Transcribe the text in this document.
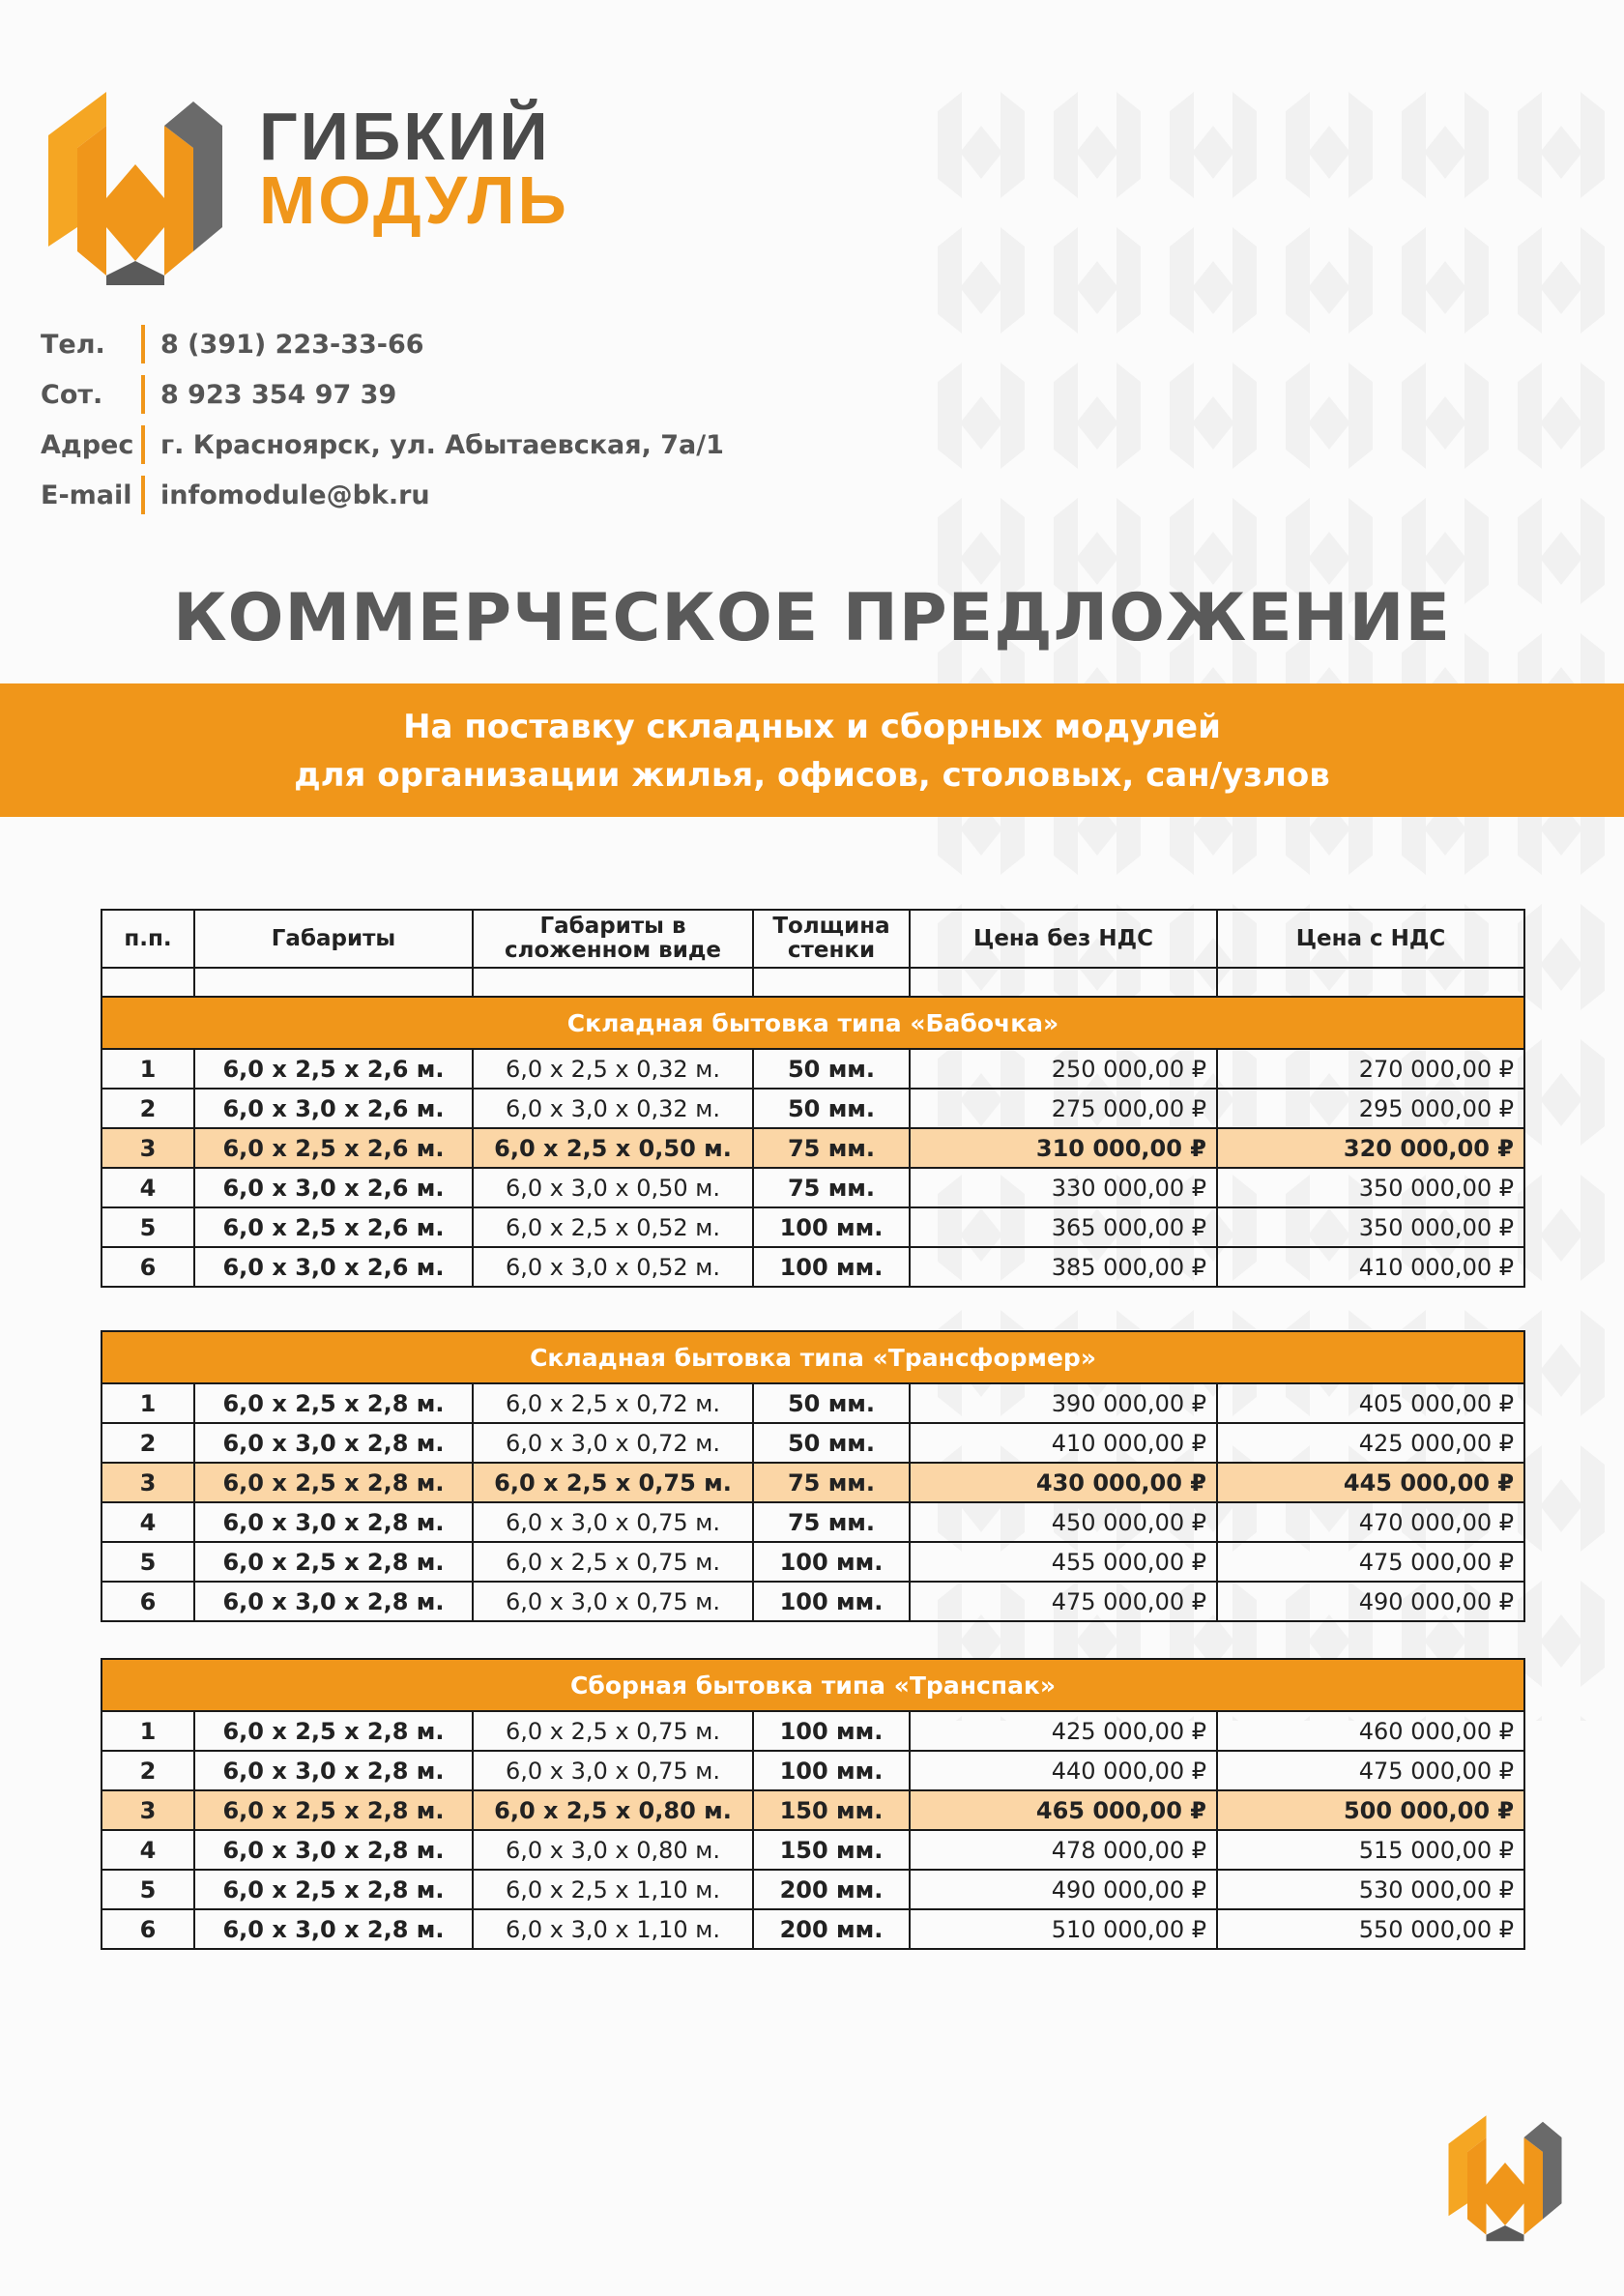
ГИБКИЙ
МОДУЛЬ
Тел.	8 (391) 223-33-66
Сот.	8 923 354 97 39
Адрес г. Красноярск, ул. Абытаевская, 7а/1
E-mail infomodule@bk.ru
КОММЕРЧЕСКОЕ ПРЕДЛОЖЕНИЕ
На поставку складных и сборных модулей
для организации жилья, офисов, столовых, сан/узлов
п.п.	Габариты	Габариты в сложенном виде	Толщина стенки	Цена без НДС	Цена с НДС

Складная бытовка типа «Бабочка»					
1	6,0 х 2,5 х 2,6 м.	6,0 х 2,5 х 0,32 м.	50 мм.	250 000,00 ₽	270 000,00 ₽
2	6,0 х 3,0 х 2,6 м.	6,0 х 3,0 х 0,32 м.	50 мм.	275 000,00 ₽	295 000,00 ₽
3	6,0 х 2,5 х 2,6 м.	6,0 х 2,5 х 0,50 м.	75 мм.	310 000,00 ₽	320 000,00 ₽
4	6,0 х 3,0 х 2,6 м.	6,0 х 3,0 х 0,50 м.	75 мм.	330 000,00 ₽	350 000,00 ₽
5	6,0 х 2,5 х 2,6 м.	6,0 х 2,5 х 0,52 м.	100 мм.	365 000,00 ₽	350 000,00 ₽
6	6,0 х 3,0 х 2,6 м.	6,0 х 3,0 х 0,52 м.	100 мм.	385 000,00 ₽	410 000,00 ₽
Складная бытовка типа «Трансформер»					
1	6,0 х 2,5 х 2,8 м.	6,0 х 2,5 х 0,72 м.	50 мм.	390 000,00 ₽	405 000,00 ₽
2	6,0 х 3,0 х 2,8 м.	6,0 х 3,0 х 0,72 м.	50 мм.	410 000,00 ₽	425 000,00 ₽
3	6,0 х 2,5 х 2,8 м.	6,0 х 2,5 х 0,75 м.	75 мм.	430 000,00 ₽	445 000,00 ₽
4	6,0 х 3,0 х 2,8 м.	6,0 х 3,0 х 0,75 м.	75 мм.	450 000,00 ₽	470 000,00 ₽
5	6,0 х 2,5 х 2,8 м.	6,0 х 2,5 х 0,75 м.	100 мм.	455 000,00 ₽	475 000,00 ₽
6	6,0 х 3,0 х 2,8 м.	6,0 х 3,0 х 0,75 м.	100 мм.	475 000,00 ₽	490 000,00 ₽
Сборная бытовка типа «Транспак»					
1	6,0 х 2,5 х 2,8 м.	6,0 х 2,5 х 0,75 м.	100 мм.	425 000,00 ₽	460 000,00 ₽
2	6,0 х 3,0 х 2,8 м.	6,0 х 3,0 х 0,75 м.	100 мм.	440 000,00 ₽	475 000,00 ₽
3	6,0 х 2,5 х 2,8 м.	6,0 х 2,5 х 0,80 м.	150 мм.	465 000,00 ₽	500 000,00 ₽
4	6,0 х 3,0 х 2,8 м.	6,0 х 3,0 х 0,80 м.	150 мм.	478 000,00 ₽	515 000,00 ₽
5	6,0 х 2,5 х 2,8 м.	6,0 х 2,5 х 1,10 м.	200 мм.	490 000,00 ₽	530 000,00 ₽
6	6,0 х 3,0 х 2,8 м.	6,0 х 3,0 х 1,10 м.	200 мм.	510 000,00 ₽	550 000,00 ₽
